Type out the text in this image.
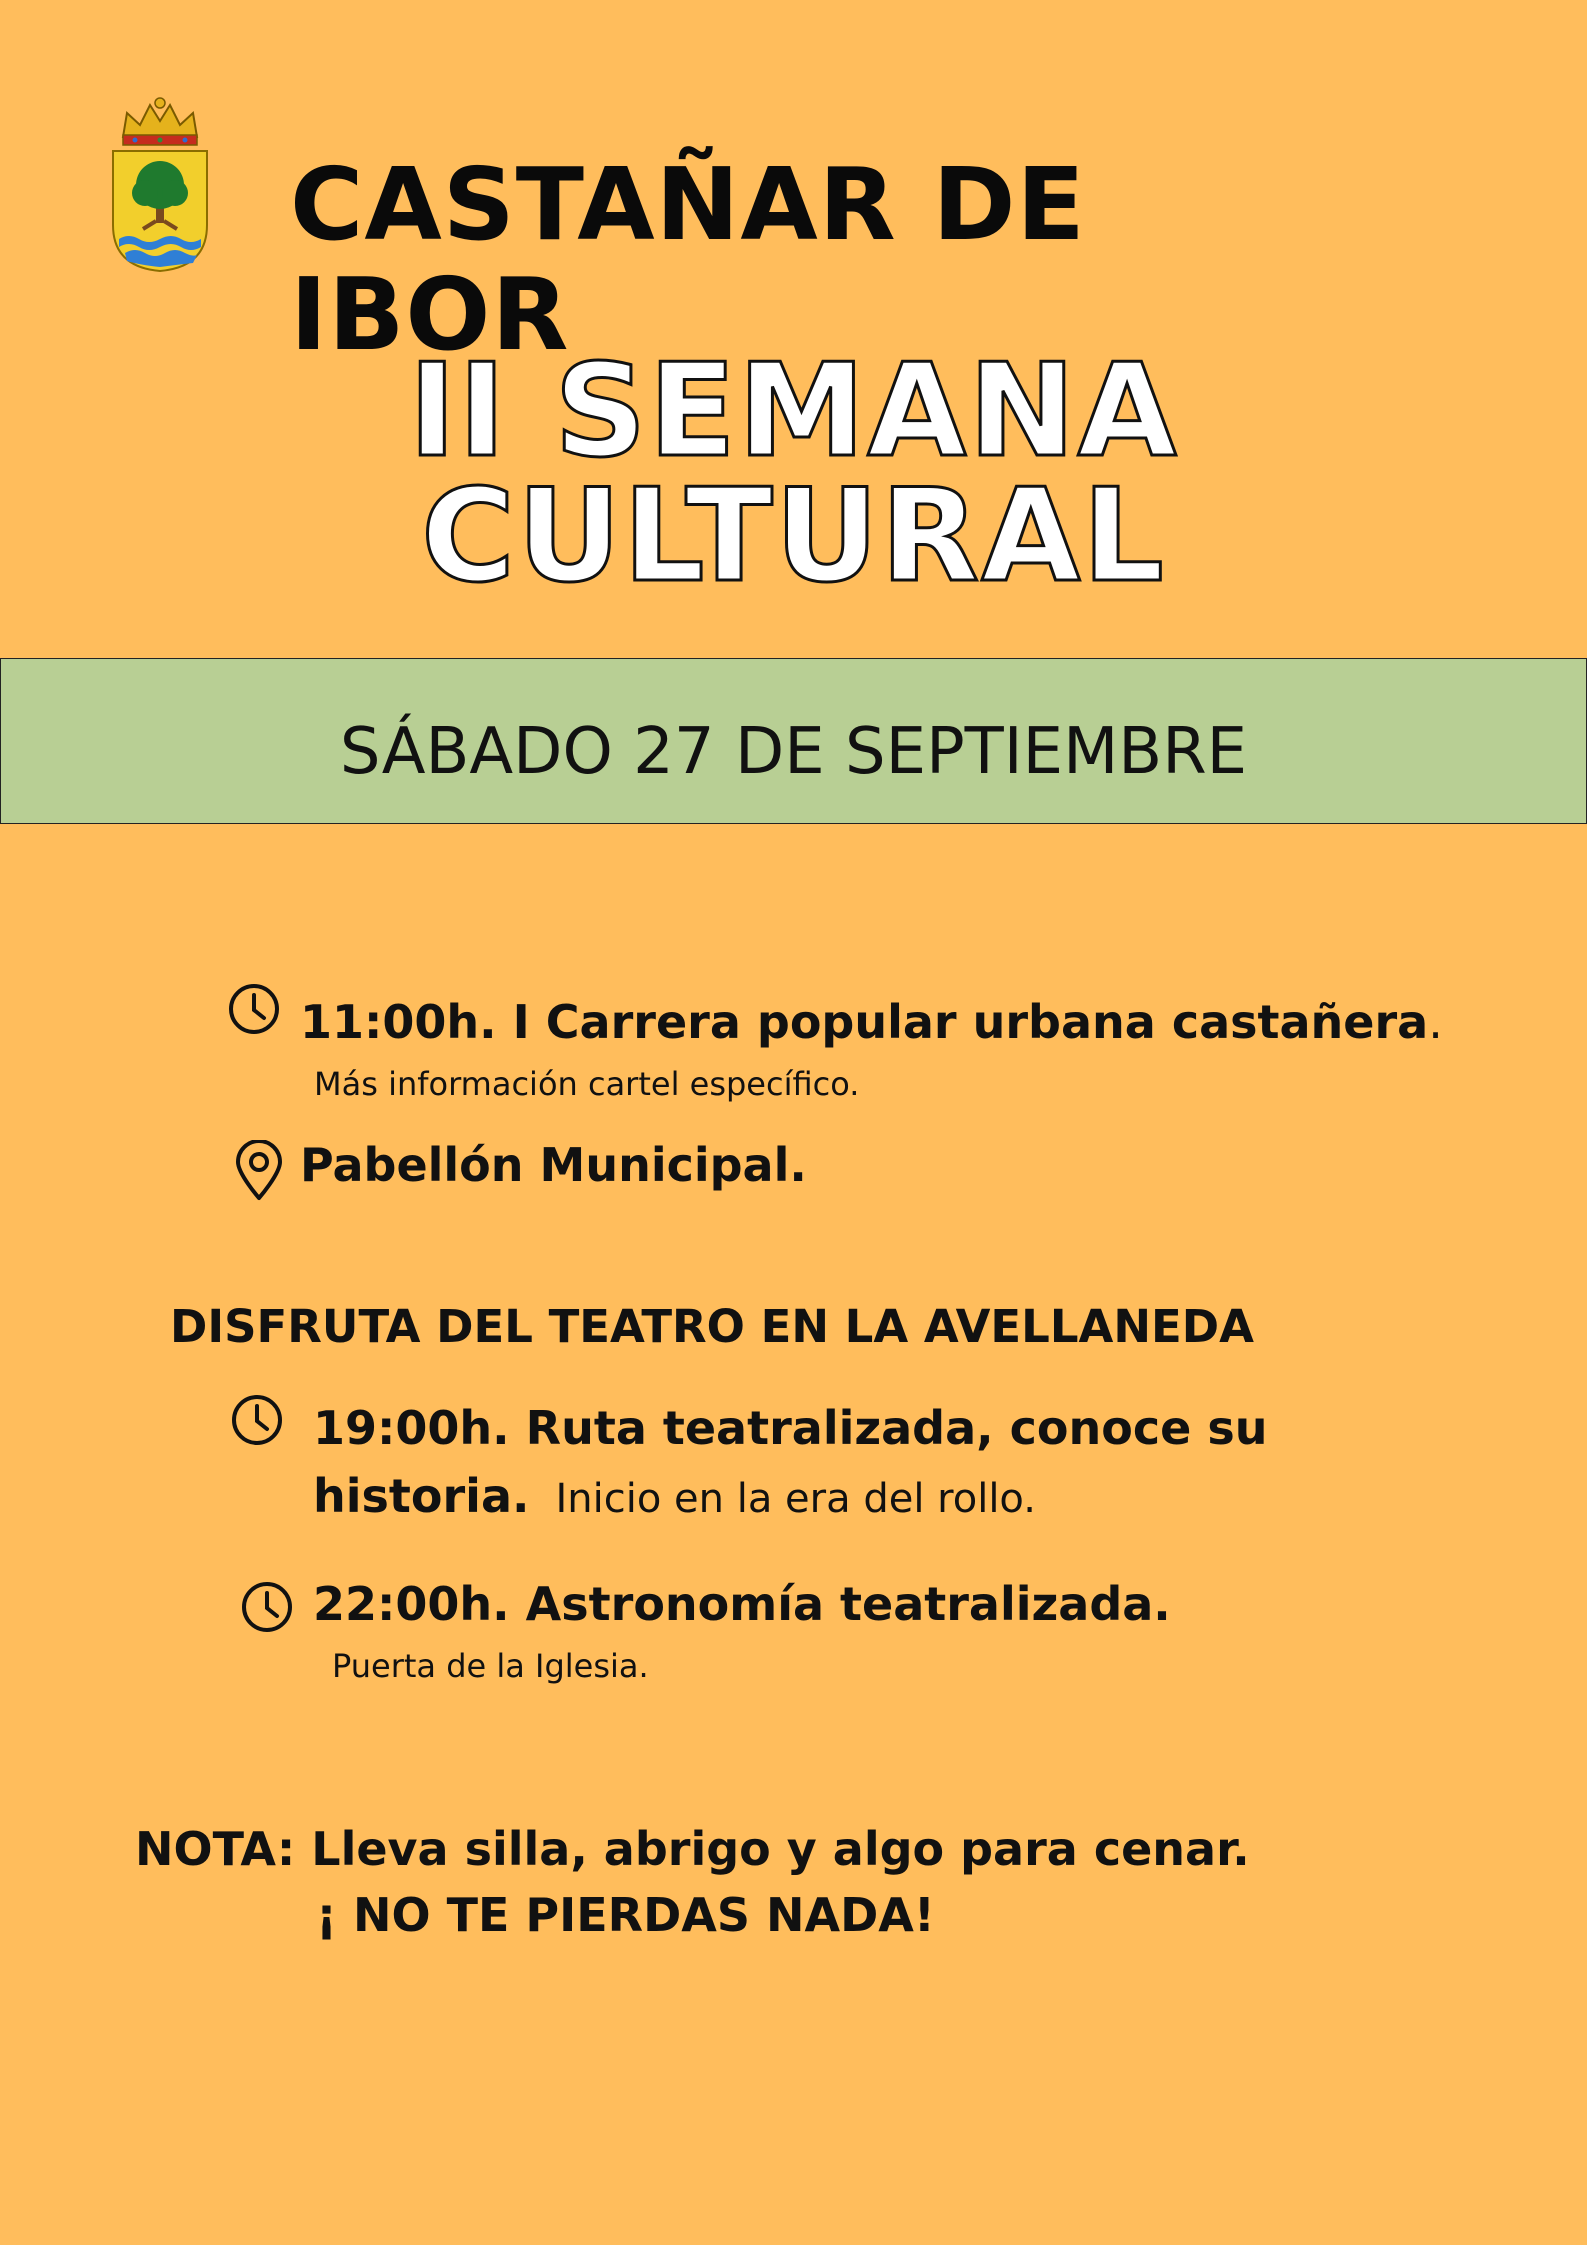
CASTAÑAR DE IBOR
II SEMANA
CULTURAL
SÁBADO 27 DE SEPTIEMBRE
11:00h. I Carrera popular urbana castañera.
Más información cartel específico.
Pabellón Municipal.
DISFRUTA DEL TEATRO EN LA AVELLANEDA
19:00h. Ruta teatralizada, conoce su
historia. Inicio en la era del rollo.
22:00h. Astronomía teatralizada.
Puerta de la Iglesia.
NOTA: Lleva silla, abrigo y algo para cenar.
¡ NO TE PIERDAS NADA!
